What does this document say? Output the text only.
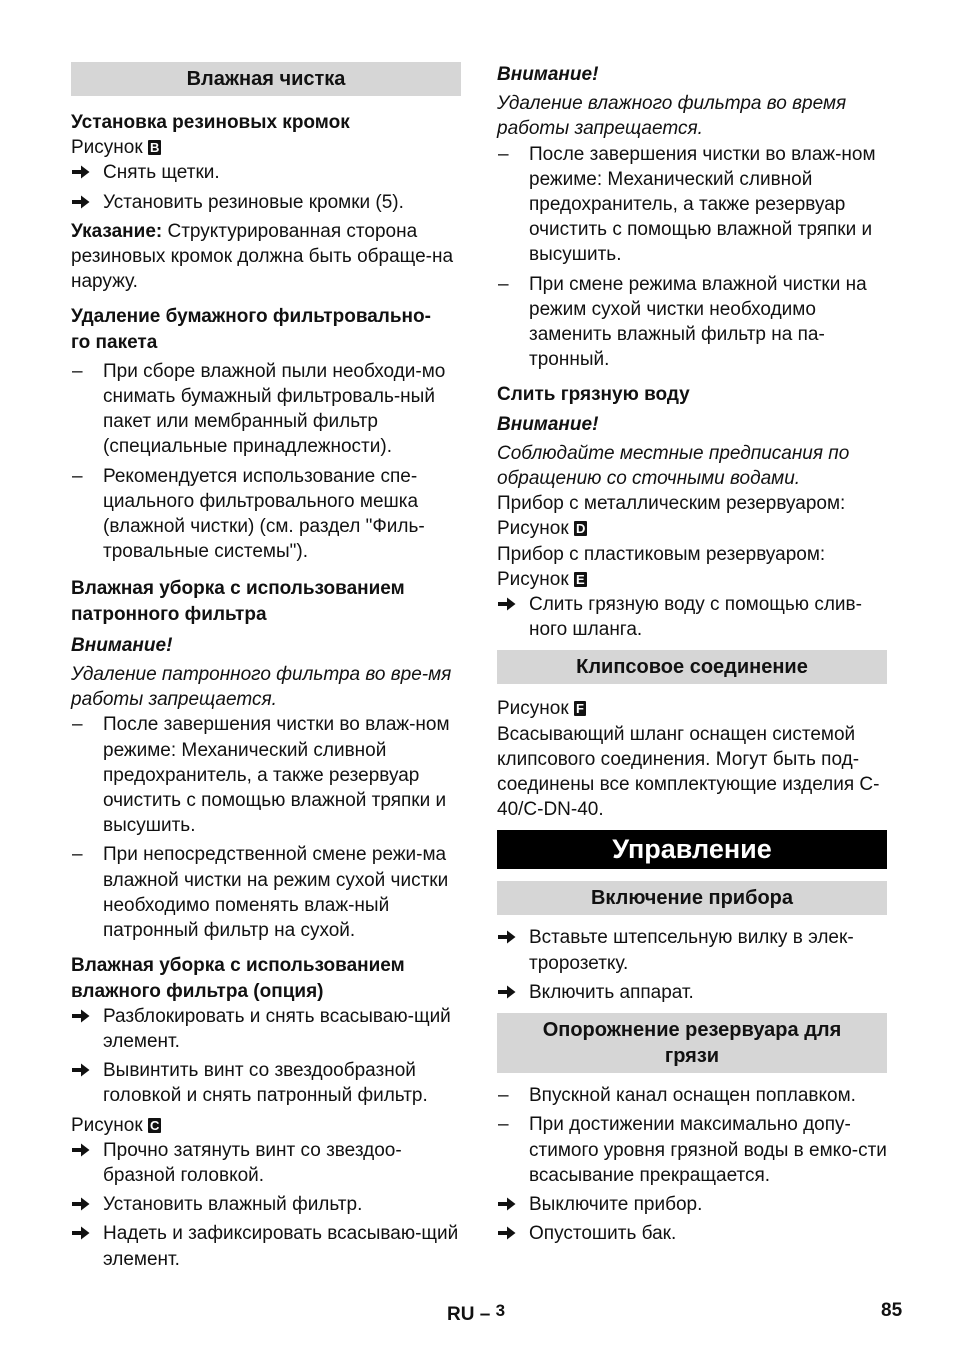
Влажная чистка
Установка резиновых кромок
Рисунок B
Снять щетки.
Установить резиновые кромки (5).
Указание: Структурированная сторона резиновых кромок должна быть обраще-на наружу.
Удаление бумажного фильтровально-
го пакета
–	При сборе влажной пыли необходи-мо снимать бумажный фильтроваль-ный пакет или мембранный фильтр (специальные принадлежности).
–	Рекомендуется использование спе-циального фильтровального мешка (влажной чистки) (см. раздел "Филь-тровальные системы").
Влажная уборка с использованием
патронного фильтра
Внимание!
Удаление патронного фильтра во вре-мя работы запрещается.
–	После завершения чистки во влаж-ном режиме: Механический сливной предохранитель, а также резервуар очистить с помощью влажной тряпки и высушить.
–	При непосредственной смене режи-ма влажной чистки на режим сухой чистки необходимо поменять влаж-ный патронный фильтр на сухой.
Влажная уборка с использованием
влажного фильтра (опция)
Разблокировать и снять всасываю-щий элемент.
Вывинтить винт со звездообразной головкой и снять патронный фильтр.
Рисунок C
Прочно затянуть винт со звездоо-бразной головкой.
Установить влажный фильтр.
Надеть и зафиксировать всасываю-щий элемент.
Внимание!
Удаление влажного фильтра во время работы запрещается.
–	После завершения чистки во влаж-ном режиме: Механический сливной предохранитель, а также резервуар очистить с помощью влажной тряпки и высушить.
–	При смене режима влажной чистки на режим сухой чистки необходимо заменить влажный фильтр на па-тронный.
Слить грязную воду
Внимание!
Соблюдайте местные предписания по обращению со сточными водами.
Прибор с металлическим резервуаром:
Рисунок D
Прибор с пластиковым резервуаром:
Рисунок E
Слить грязную воду с помощью слив-ного шланга.
Клипсовое соединение
Рисунок F
Всасывающий шланг оснащен системой клипсового соединения. Могут быть под-соединены все комплектующие изделия C-40/C-DN-40.
Управление
Включение прибора
Вставьте штепсельную вилку в элек-тророзетку.
Включить аппарат.
Опорожнение резервуара для
грязи
–	Впускной канал оснащен поплавком.
–	При достижении максимально допу-стимого уровня грязной воды в емко-сти всасывание прекращается.
Выключите прибор.
Опустошить бак.
RU – 3	85
